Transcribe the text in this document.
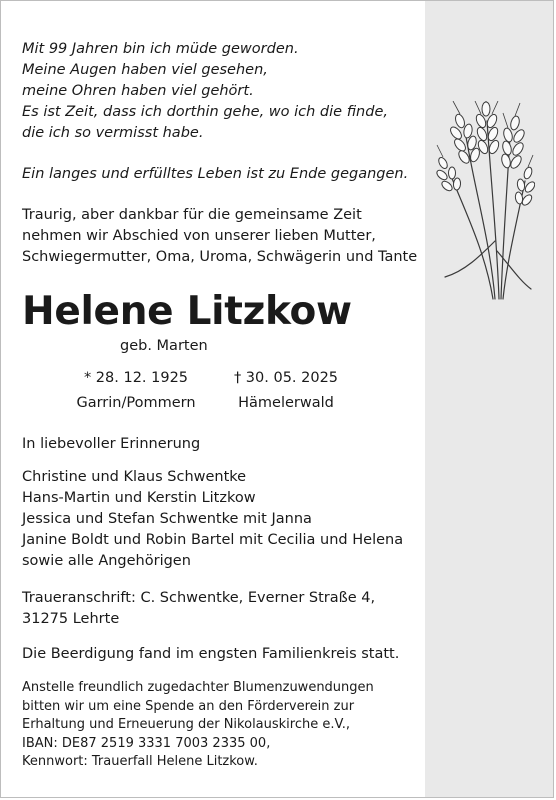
Mit 99 Jahren bin ich müde geworden.
Meine Augen haben viel gesehen,
meine Ohren haben viel gehört.
Es ist Zeit, dass ich dorthin gehe, wo ich die finde,
die ich so vermisst habe.
Ein langes und erfülltes Leben ist zu Ende gegangen.
Traurig, aber dankbar für die gemeinsame Zeit
nehmen wir Abschied von unserer lieben Mutter,
Schwiegermutter, Oma, Uroma, Schwägerin und Tante
Helene Litzkow
geb. Marten
* 28. 12. 1925	† 30. 05. 2025
Garrin/Pommern	Hämelerwald
In liebevoller Erinnerung
Christine und Klaus Schwentke
Hans-Martin und Kerstin Litzkow
Jessica und Stefan Schwentke mit Janna
Janine Boldt und Robin Bartel mit Cecilia und Helena
sowie alle Angehörigen
Traueranschrift: C. Schwentke, Everner Straße 4,
31275 Lehrte
Die Beerdigung fand im engsten Familienkreis statt.
Anstelle freundlich zugedachter Blumenzuwendungen
bitten wir um eine Spende an den Förderverein zur
Erhaltung und Erneuerung der Nikolauskirche e.V.,
IBAN: DE87 2519 3331 7003 2335 00,
Kennwort: Trauerfall Helene Litzkow.
